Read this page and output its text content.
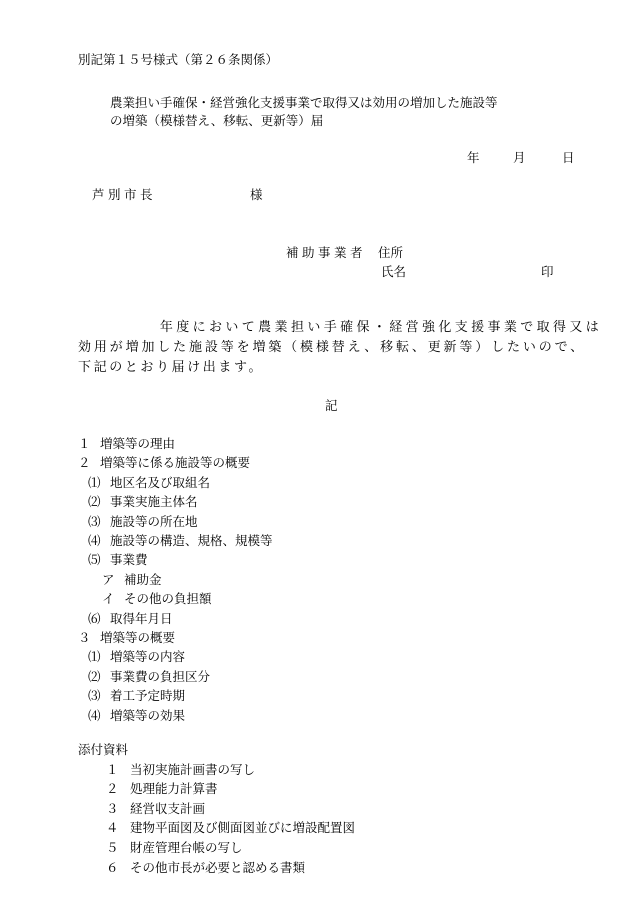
別記第１５号様式（第２６条関係）
農業担い手確保・経営強化支援事業で取得又は効用の増加した施設等
の増築（模様替え、移転、更新等）届
年	月	日
芦別市長	様
補助事業者 住所
氏名	印

　　　　　年度において農業担い手確保・経営強化支援事業で取得又は

効用が増加した施設等を増築（模様替え、移転、更新等）したいので、

下記のとおり届け出ます。

記
１ 増築等の理由
２ 増築等に係る施設等の概要
⑴ 地区名及び取組名
⑵ 事業実施主体名
⑶ 施設等の所在地
⑷ 施設等の構造、規格、規模等
⑸ 事業費
ア 補助金
イ その他の負担額
⑹ 取得年月日
３ 増築等の概要
⑴ 増築等の内容
⑵ 事業費の負担区分
⑶ 着工予定時期
⑷ 増築等の効果
添付資料
１ 当初実施計画書の写し
２ 処理能力計算書
３ 経営収支計画
４ 建物平面図及び側面図並びに増設配置図
５ 財産管理台帳の写し
６ その他市長が必要と認める書類
